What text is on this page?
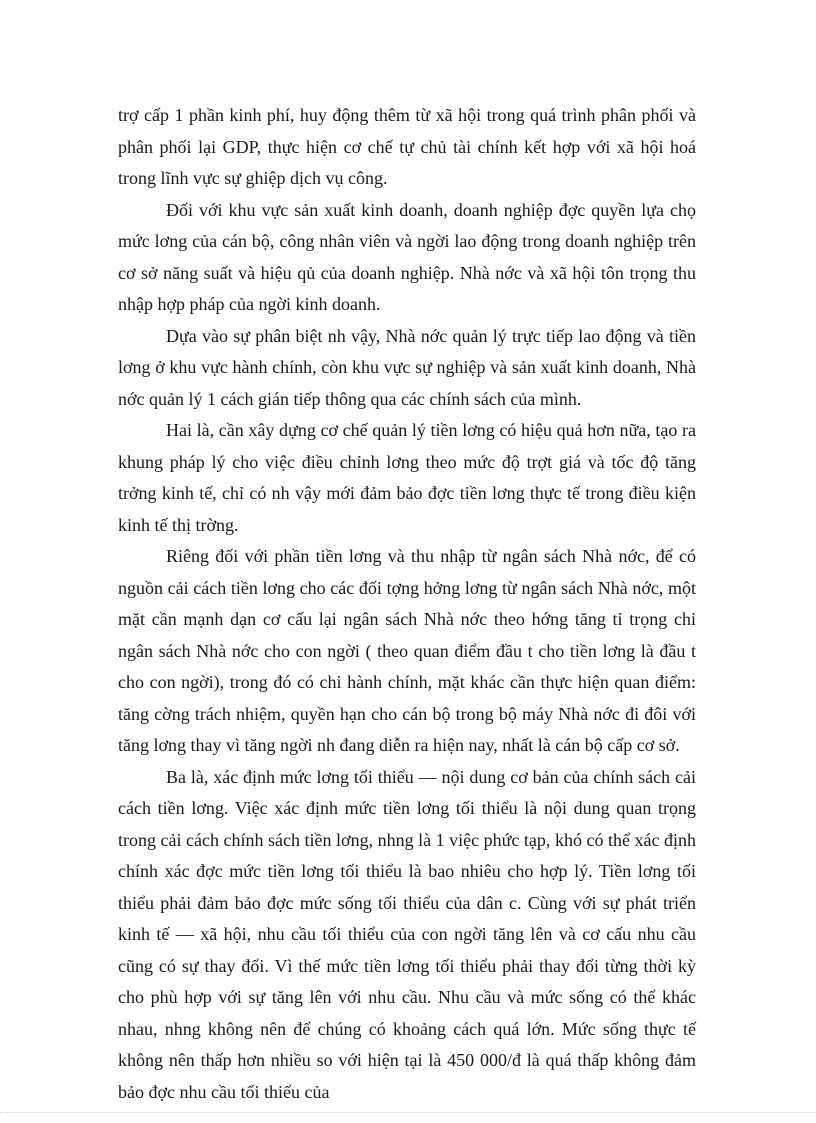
trợ cấp 1 phần kinh phí, huy động thêm từ xã hội trong quá trình phân phối và phân phối lại GDP, thực hiện cơ chế tự chủ tài chính kết hợp với xã hội hoá trong lĩnh vực sự ghiệp dịch vụ công.

Đối với khu vực sản xuất kinh doanh, doanh nghiệp đợc quyền lựa chọ mức lơng của cán bộ, công nhân viên và ngời lao động trong doanh nghiệp trên cơ sở năng suất và hiệu qủ của doanh nghiệp. Nhà nớc và xã hội tôn trọng thu nhập hợp pháp của ngời kinh doanh.

Dựa vào sự phân biệt nh vậy, Nhà nớc quản lý trực tiếp lao động và tiền lơng ở khu vực hành chính, còn khu vực sự nghiệp và sản xuất kinh doanh, Nhà nớc quản lý 1 cách gián tiếp thông qua các chính sách của mình.

Hai là, cần xây dựng cơ chế quản lý tiền lơng có hiệu quả hơn nữa, tạo ra khung pháp lý cho việc điều chỉnh lơng theo mức độ trợt giá và tốc độ tăng trởng kinh tế, chỉ có nh vậy mới đảm bảo đợc tiền lơng thực tế trong điều kiện kinh tế thị trờng.

Riêng đối với phần tiền lơng và thu nhập từ ngân sách Nhà nớc, để có nguồn cải cách tiền lơng cho các đối tợng hởng lơng từ ngân sách Nhà nớc, một mặt cần mạnh dạn cơ cấu lại ngân sách Nhà nớc theo hớng tăng tỉ trọng chi ngân sách Nhà nớc cho con ngời ( theo quan điểm đầu t cho tiền lơng là đầu t cho con ngời), trong đó có chi hành chính, mặt khác cần thực hiện quan điểm: tăng cờng trách nhiệm, quyền hạn cho cán bộ trong bộ máy Nhà nớc đi đôi với tăng lơng thay vì tăng ngời nh đang diễn ra hiện nay, nhất là cán bộ cấp cơ sở.

Ba là, xác định mức lơng tối thiểu — nội dung cơ bản của chính sách cải cách tiền lơng. Việc xác định mức tiền lơng tối thiểu là nội dung quan trọng trong cải cách chính sách tiền lơng, nhng là 1 việc phức tạp, khó có thể xác định chính xác đợc mức tiền lơng tối thiểu là bao nhiêu cho hợp lý. Tiền lơng tối thiểu phải đảm bảo đợc mức sống tối thiểu của dân c. Cùng với sự phát triển kinh tế — xã hội, nhu cầu tối thiểu của con ngời tăng lên và cơ cấu nhu cầu cũng có sự thay đổi. Vì thế mức tiền lơng tối thiểu phải thay đổi từng thời kỳ cho phù hợp với sự tăng lên với nhu cầu. Nhu cầu và mức sống có thể khác nhau, nhng không nên để chúng có khoảng cách quá lớn. Mức sống thực tế không nên thấp hơn nhiều so với hiện tại là 450 000/đ là quá thấp không đảm bảo đợc nhu cầu tối thiểu của
